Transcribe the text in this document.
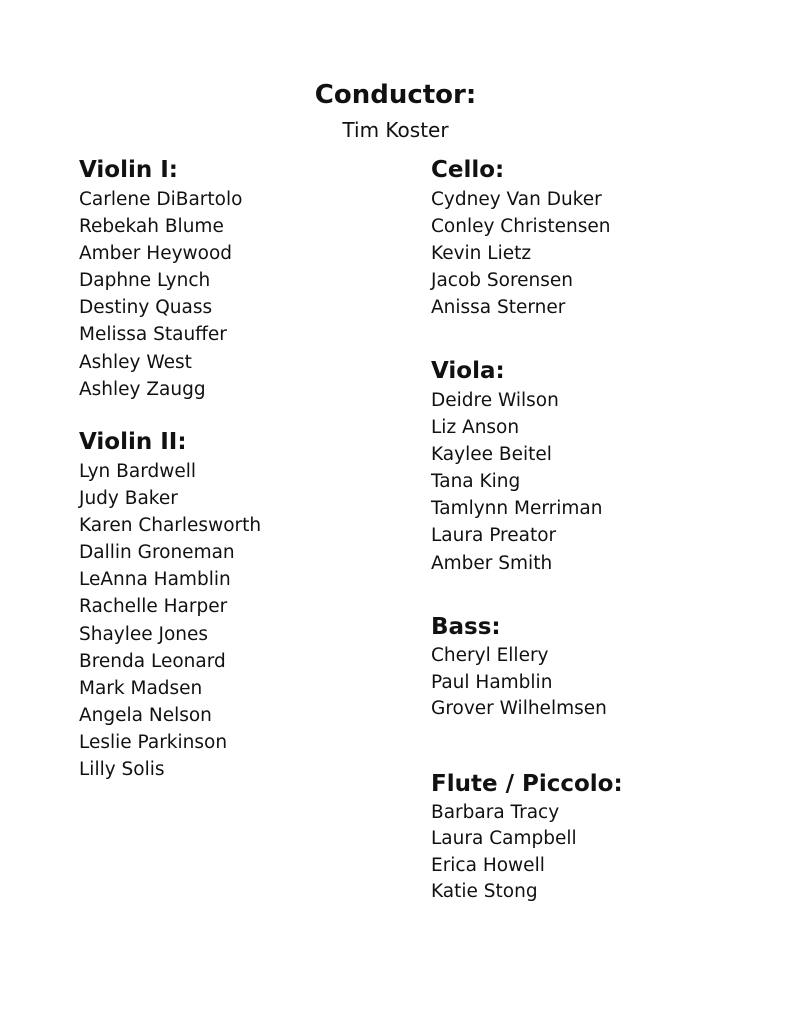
Conductor:
Tim Koster
Violin I:
Carlene DiBartolo
Rebekah Blume
Amber Heywood
Daphne Lynch
Destiny Quass
Melissa Stauffer
Ashley West
Ashley Zaugg
Violin II:
Lyn Bardwell
Judy Baker
Karen Charlesworth
Dallin Groneman
LeAnna Hamblin
Rachelle Harper
Shaylee Jones
Brenda Leonard
Mark Madsen
Angela Nelson
Leslie Parkinson
Lilly Solis
Cello:
Cydney Van Duker
Conley Christensen
Kevin Lietz
Jacob Sorensen
Anissa Sterner
Viola:
Deidre Wilson
Liz Anson
Kaylee Beitel
Tana King
Tamlynn Merriman
Laura Preator
Amber Smith
Bass:
Cheryl Ellery
Paul Hamblin
Grover Wilhelmsen
Flute / Piccolo:
Barbara Tracy
Laura Campbell
Erica Howell
Katie Stong
